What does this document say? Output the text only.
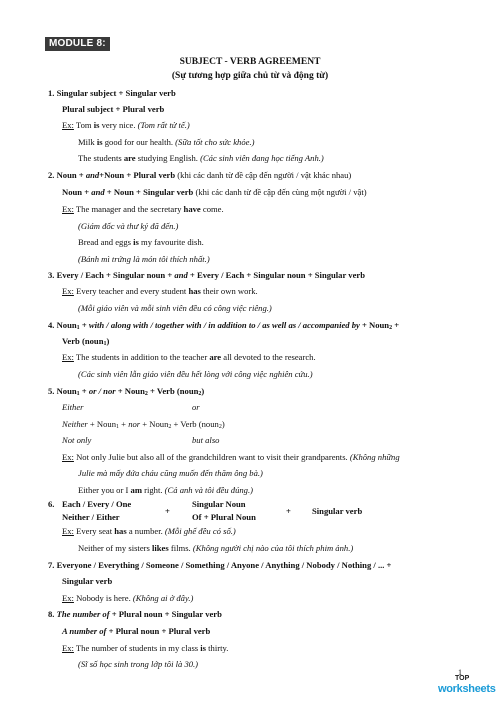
MODULE 8:
SUBJECT - VERB AGREEMENT
(Sự tương hợp giữa chủ từ và động từ)
1. Singular subject + Singular verb
Plural subject + Plural verb
Ex: Tom is very nice. (Tom rất tử tế.)
Milk is good for our health. (Sữa tốt cho sức khỏe.)
The students are studying English. (Các sinh viên đang học tiếng Anh.)
2. Noun + and+Noun + Plural verb (khi các danh từ đề cập đến người / vật khác nhau)
Noun + and + Noun + Singular verb (khi các danh từ đề cập đến cùng một người / vật)
Ex: The manager and the secretary have come.
(Giám đốc và thư ký đã đến.)
Bread and eggs is my favourite dish.
(Bánh mì trứng là món tôi thích nhất.)
3. Every / Each + Singular noun + and + Every / Each + Singular noun + Singular verb
Ex: Every teacher and every student has their own work.
(Mỗi giáo viên và mỗi sinh viên đều có công việc riêng.)
4. Noun1 + with / along with / together with / in addition to / as well as / accompanied by + Noun2 +
Verb (noun1)
Ex: The students in addition to the teacher are all devoted to the research.
(Các sinh viên lẫn giáo viên đều hết lòng với công việc nghiên cứu.)
5. Noun1 + or / nor + Noun2 + Verb (noun2)
Either	or
Neither + Noun1 + nor + Noun2 + Verb (noun2)
Not only	but also
Ex: Not only Julie but also all of the grandchildren want to visit their grandparents. (Không những
Julie mà mấy đứa cháu cũng muốn đến thăm ông bà.)
Either you or I am right. (Cả anh và tôi đều đúng.)
6. Each / Every / One
Neither / Either
+
Singular Noun
Of + Plural Noun
+ Singular verb
Ex: Every seat has a number. (Mỗi ghế đều có số.)
Neither of my sisters likes films. (Không người chị nào của tôi thích phim ảnh.)
7. Everyone / Everything / Someone / Something / Anyone / Anything / Nobody / Nothing / ... +
Singular verb
Ex: Nobody is here. (Không ai ở đây.)
8. The number of + Plural noun + Singular verb
A number of + Plural noun + Plural verb
Ex: The number of students in my class is thirty.
(Sĩ số học sinh trong lớp tôi là 30.)
1
TOP
worksheets
